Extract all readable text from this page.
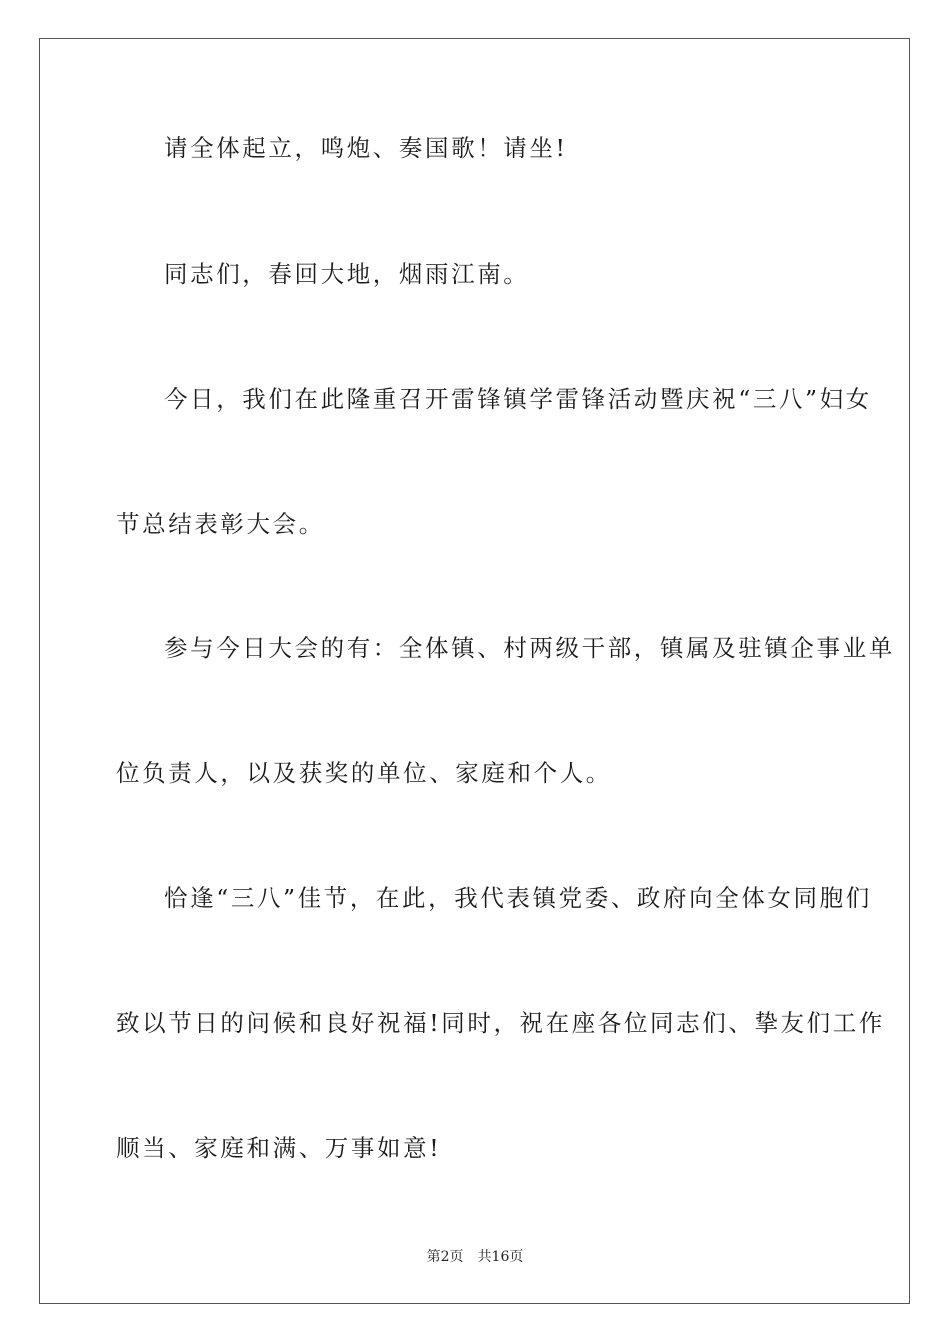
请全体起立，鸣炮、奏国歌！请坐!
同志们，春回大地，烟雨江南。
今日，我们在此隆重召开雷锋镇学雷锋活动暨庆祝“三八”妇女
节总结表彰大会。
参与今日大会的有：全体镇、村两级干部，镇属及驻镇企事业单
位负责人，以及获奖的单位、家庭和个人。
恰逢“三八”佳节，在此，我代表镇党委、政府向全体女同胞们
致以节日的问候和良好祝福!同时，祝在座各位同志们、挚友们工作
顺当、家庭和满、万事如意!
第2页 共16页
